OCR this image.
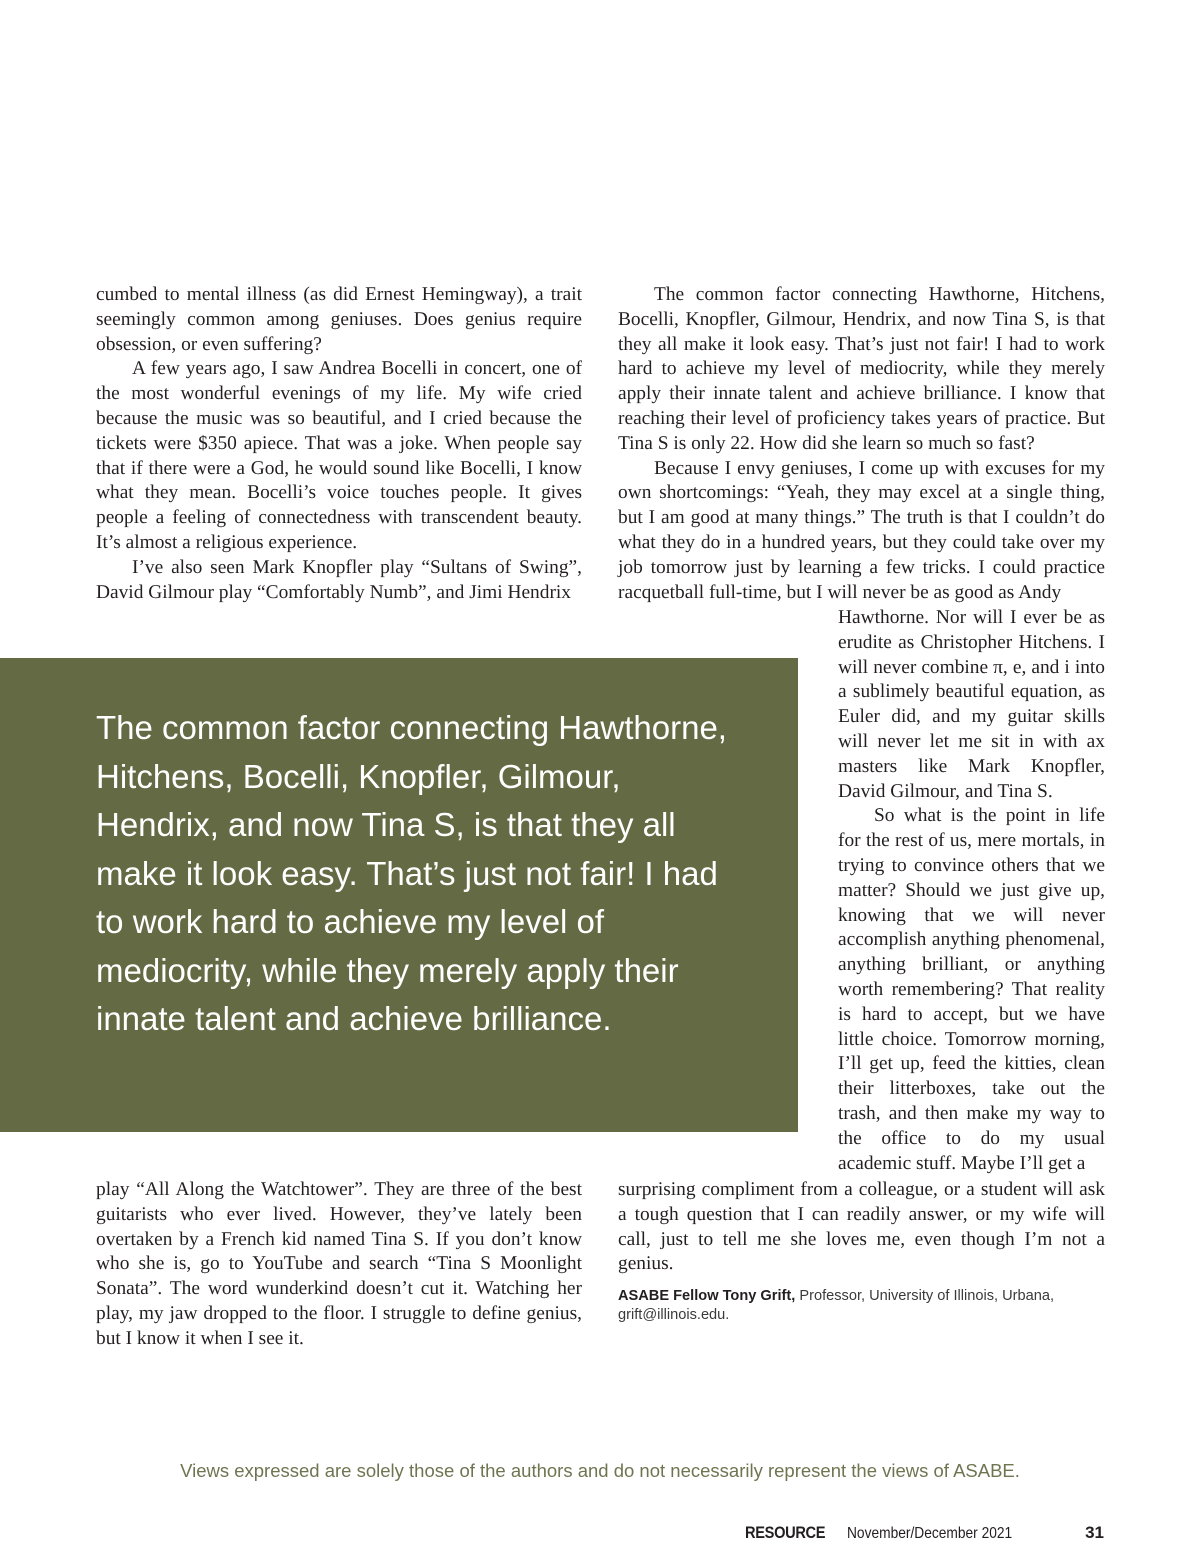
cumbed to mental illness (as did Ernest Hemingway), a trait seemingly common among geniuses. Does genius require obsession, or even suffering?

A few years ago, I saw Andrea Bocelli in concert, one of the most wonderful evenings of my life. My wife cried because the music was so beautiful, and I cried because the tickets were $350 apiece. That was a joke. When people say that if there were a God, he would sound like Bocelli, I know what they mean. Bocelli’s voice touches people. It gives people a feeling of connectedness with transcendent beauty. It’s almost a religious experience.

I’ve also seen Mark Knopfler play “Sultans of Swing”, David Gilmour play “Comfortably Numb”, and Jimi Hendrix

The common factor connecting Hawthorne, Hitchens, Bocelli, Knopfler, Gilmour, Hendrix, and now Tina S, is that they all make it look easy. That’s just not fair! I had to work hard to achieve my level of mediocrity, while they merely apply their innate talent and achieve brilliance. I know that reaching their level of proficiency takes years of practice. But Tina S is only 22. How did she learn so much so fast?

Because I envy geniuses, I come up with excuses for my own shortcomings: “Yeah, they may excel at a single thing, but I am good at many things.” The truth is that I couldn’t do what they do in a hundred years, but they could take over my job tomorrow just by learning a few tricks. I could practice racquetball full-time, but I will never be as good as Andy

Hawthorne. Nor will I ever be as erudite as Christopher Hitchens. I will never combine π, e, and i into a sublimely beautiful equation, as Euler did, and my guitar skills will never let me sit in with ax masters like Mark Knopfler, David Gilmour, and Tina S.

So what is the point in life for the rest of us, mere mortals, in trying to convince others that we matter? Should we just give up, knowing that we will never accomplish anything phenomenal, anything brilliant, or anything worth remembering? That reality is hard to accept, but we have little choice. Tomorrow morning, I’ll get up, feed the kitties, clean their litterboxes, take out the trash, and then make my way to the office to do my usual academic stuff. Maybe I’ll get a

The common factor connecting Hawthorne, Hitchens, Bocelli, Knopfler, Gilmour, Hendrix, and now Tina S, is that they all make it look easy. That’s just not fair! I had to work hard to achieve my level of mediocrity, while they merely apply their innate talent and achieve brilliance.

play “All Along the Watchtower”. They are three of the best guitarists who ever lived. However, they’ve lately been overtaken by a French kid named Tina S. If you don’t know who she is, go to YouTube and search “Tina S Moonlight Sonata”. The word wunderkind doesn’t cut it. Watching her play, my jaw dropped to the floor. I struggle to define genius, but I know it when I see it.

surprising compliment from a colleague, or a student will ask a tough question that I can readily answer, or my wife will call, just to tell me she loves me, even though I’m not a genius.

ASABE Fellow Tony Grift, Professor, University of Illinois, Urbana, grift@illinois.edu.
Views expressed are solely those of the authors and do not necessarily represent the views of ASABE.
RESOURCE November/December 2021	31
